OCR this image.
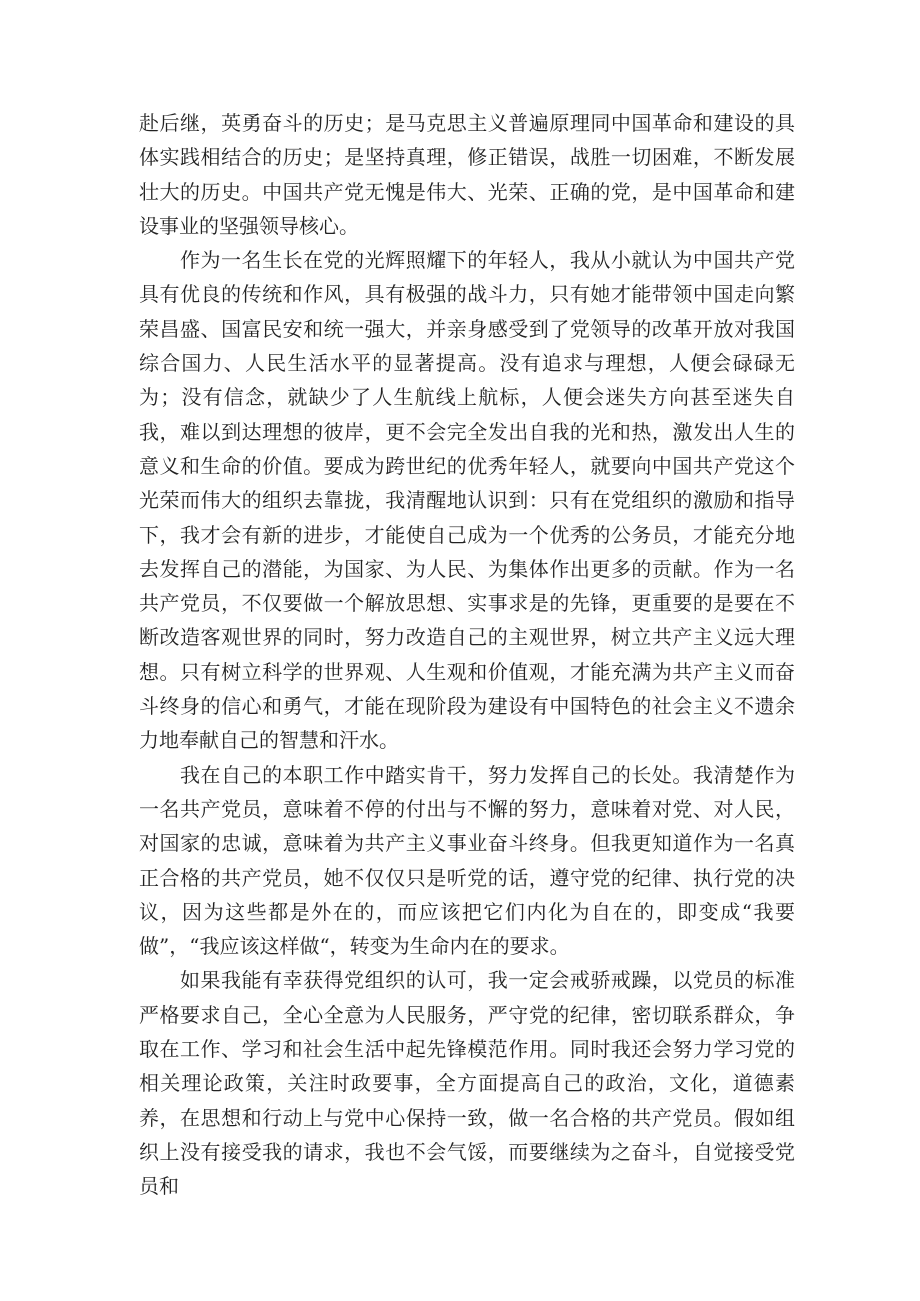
赴后继，英勇奋斗的历史；是马克思主义普遍原理同中国革命和建设的具体实践相结合的历史；是坚持真理，修正错误，战胜一切困难，不断发展壮大的历史。中国共产党无愧是伟大、光荣、正确的党，是中国革命和建设事业的坚强领导核心。

作为一名生长在党的光辉照耀下的年轻人，我从小就认为中国共产党具有优良的传统和作风，具有极强的战斗力，只有她才能带领中国走向繁荣昌盛、国富民安和统一强大，并亲身感受到了党领导的改革开放对我国综合国力、人民生活水平的显著提高。没有追求与理想，人便会碌碌无为；没有信念，就缺少了人生航线上航标，人便会迷失方向甚至迷失自我，难以到达理想的彼岸，更不会完全发出自我的光和热，激发出人生的意义和生命的价值。要成为跨世纪的优秀年轻人，就要向中国共产党这个光荣而伟大的组织去靠拢，我清醒地认识到：只有在党组织的激励和指导下，我才会有新的进步，才能使自己成为一个优秀的公务员，才能充分地去发挥自己的潜能，为国家、为人民、为集体作出更多的贡献。作为一名共产党员，不仅要做一个解放思想、实事求是的先锋，更重要的是要在不断改造客观世界的同时，努力改造自己的主观世界，树立共产主义远大理想。只有树立科学的世界观、人生观和价值观，才能充满为共产主义而奋斗终身的信心和勇气，才能在现阶段为建设有中国特色的社会主义不遗余力地奉献自己的智慧和汗水。

我在自己的本职工作中踏实肯干，努力发挥自己的长处。我清楚作为一名共产党员，意味着不停的付出与不懈的努力，意味着对党、对人民，对国家的忠诚，意味着为共产主义事业奋斗终身。但我更知道作为一名真正合格的共产党员，她不仅仅只是听党的话，遵守党的纪律、执行党的决议，因为这些都是外在的，而应该把它们内化为自在的，即变成“我要做”，“我应该这样做“，转变为生命内在的要求。

如果我能有幸获得党组织的认可，我一定会戒骄戒躁，以党员的标准严格要求自己，全心全意为人民服务，严守党的纪律，密切联系群众，争取在工作、学习和社会生活中起先锋模范作用。同时我还会努力学习党的相关理论政策，关注时政要事，全方面提高自己的政治，文化，道德素养，在思想和行动上与党中心保持一致，做一名合格的共产党员。假如组织上没有接受我的请求，我也不会气馁，而要继续为之奋斗，自觉接受党员和
